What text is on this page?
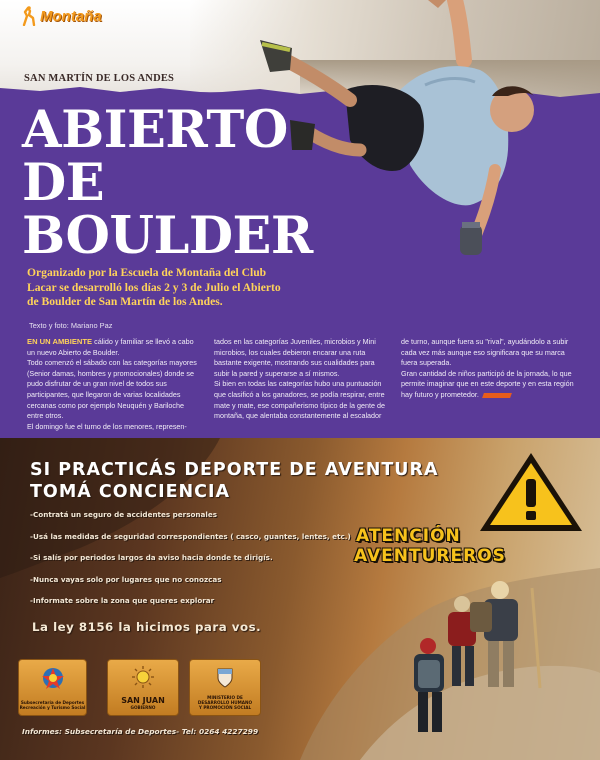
Montaña
SAN MARTÍN DE LOS ANDES
ABIERTO
DE
BOULDER

Organizado por la Escuela de Montaña del Club Lacar se desarrolló los días 2 y 3 de Julio el Abierto de Boulder de San Martín de los Andes.

Texto y foto: Mariano Paz
EN UN AMBIENTE cálido y familiar se llevó a cabo un nuevo Abierto de Boulder.
Todo comenzó el sábado con las categorías mayores (Senior damas, hombres y promocionales) donde se pudo disfrutar de un gran nivel de todos sus participantes, que llegaron de varias localidades cercanas como por ejemplo Neuquén y Bariloche entre otros.
El domingo fue el turno de los menores, represen-
tados en las categorías Juveniles, microbios y Mini microbios, los cuales debieron encarar una ruta bastante exigente, mostrando sus cualidades para subir la pared y superarse a sí mismos.
Si bien en todas las categorías hubo una puntuación que clasificó a los ganadores, se podía respirar, entre mate y mate, ese compañerismo típico de la gente de montaña, que alentaba constantemente al escalador
de turno, aunque fuera su "rival", ayudándolo a subir cada vez más aunque eso significara que su marca fuera superada.
Gran cantidad de niños participó de la jornada, lo que permite imaginar que en este deporte y en esta región hay futuro y prometedor.
SI PRACTICÁS DEPORTE DE AVENTURA
TOMÁ CONCIENCIA
-Contratá un seguro de accidentes personales
-Usá las medidas de seguridad correspondientes ( casco, guantes, lentes, etc.)
-Si salís por periodos largos da aviso hacia donde te dirigís.
-Nunca vayas solo por lugares que no conozcas
-Informate sobre la zona que queres explorar
La ley 8156 la hicimos para vos.
ATENCIÓN
AVENTUREROS
Subsecretaría de Deportes
Recreación y Turismo Social
SAN JUAN
GOBIERNO
MINISTERIO DE
DESARROLLO HUMANO
Y PROMOCIÓN SOCIAL
Informes: Subsecretaría de Deportes- Tel: 0264 4227299
